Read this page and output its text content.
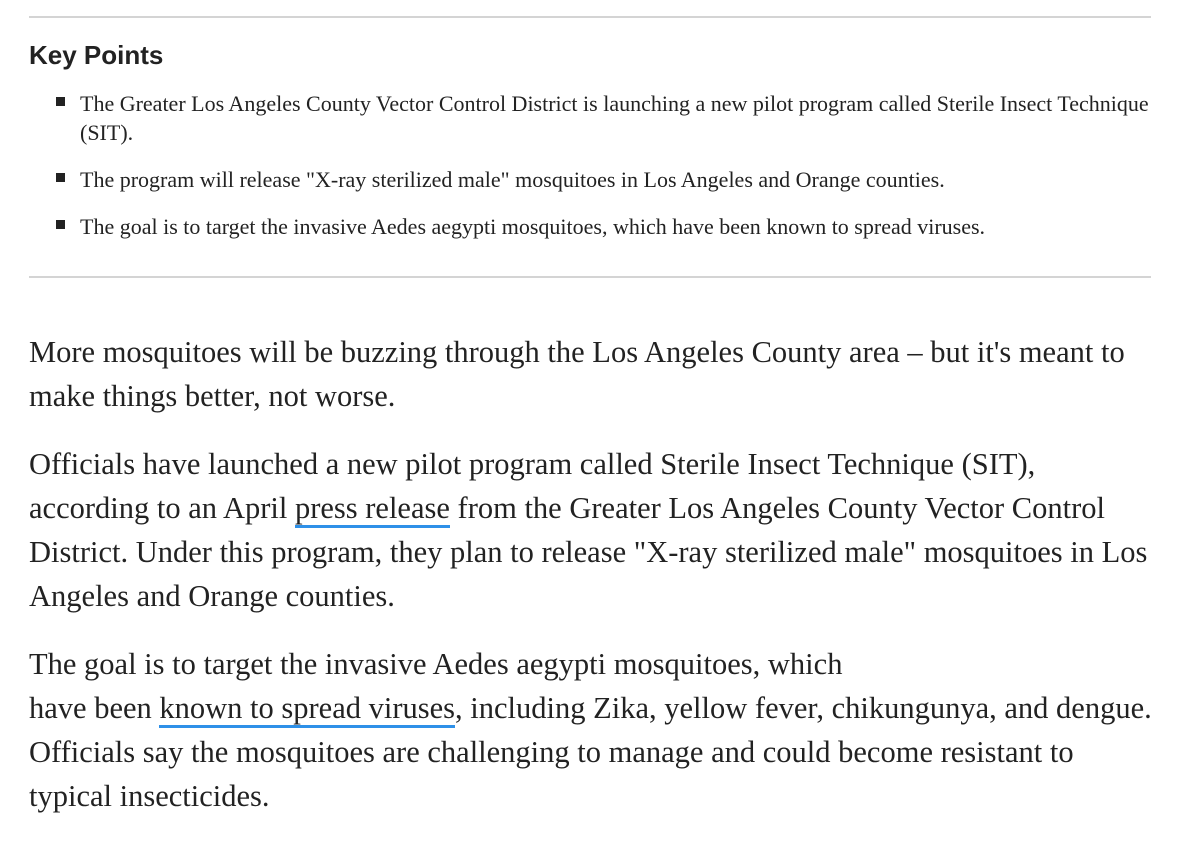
Key Points
The Greater Los Angeles County Vector Control District is launching a new pilot program called Sterile Insect Technique (SIT).
The program will release "X-ray sterilized male" mosquitoes in Los Angeles and Orange counties.
The goal is to target the invasive Aedes aegypti mosquitoes, which have been known to spread viruses.

More mosquitoes will be buzzing through the Los Angeles County area – but it's meant to make things better, not worse.

Officials have launched a new pilot program called Sterile Insect Technique (SIT), according to an April press release from the Greater Los Angeles County Vector Control District. Under this program, they plan to release "X-ray sterilized male" mosquitoes in Los Angeles and Orange counties.

The goal is to target the invasive Aedes aegypti mosquitoes, which
have been known to spread viruses, including Zika, yellow fever, chikungunya, and dengue. Officials say the mosquitoes are challenging to manage and could become resistant to typical insecticides.
